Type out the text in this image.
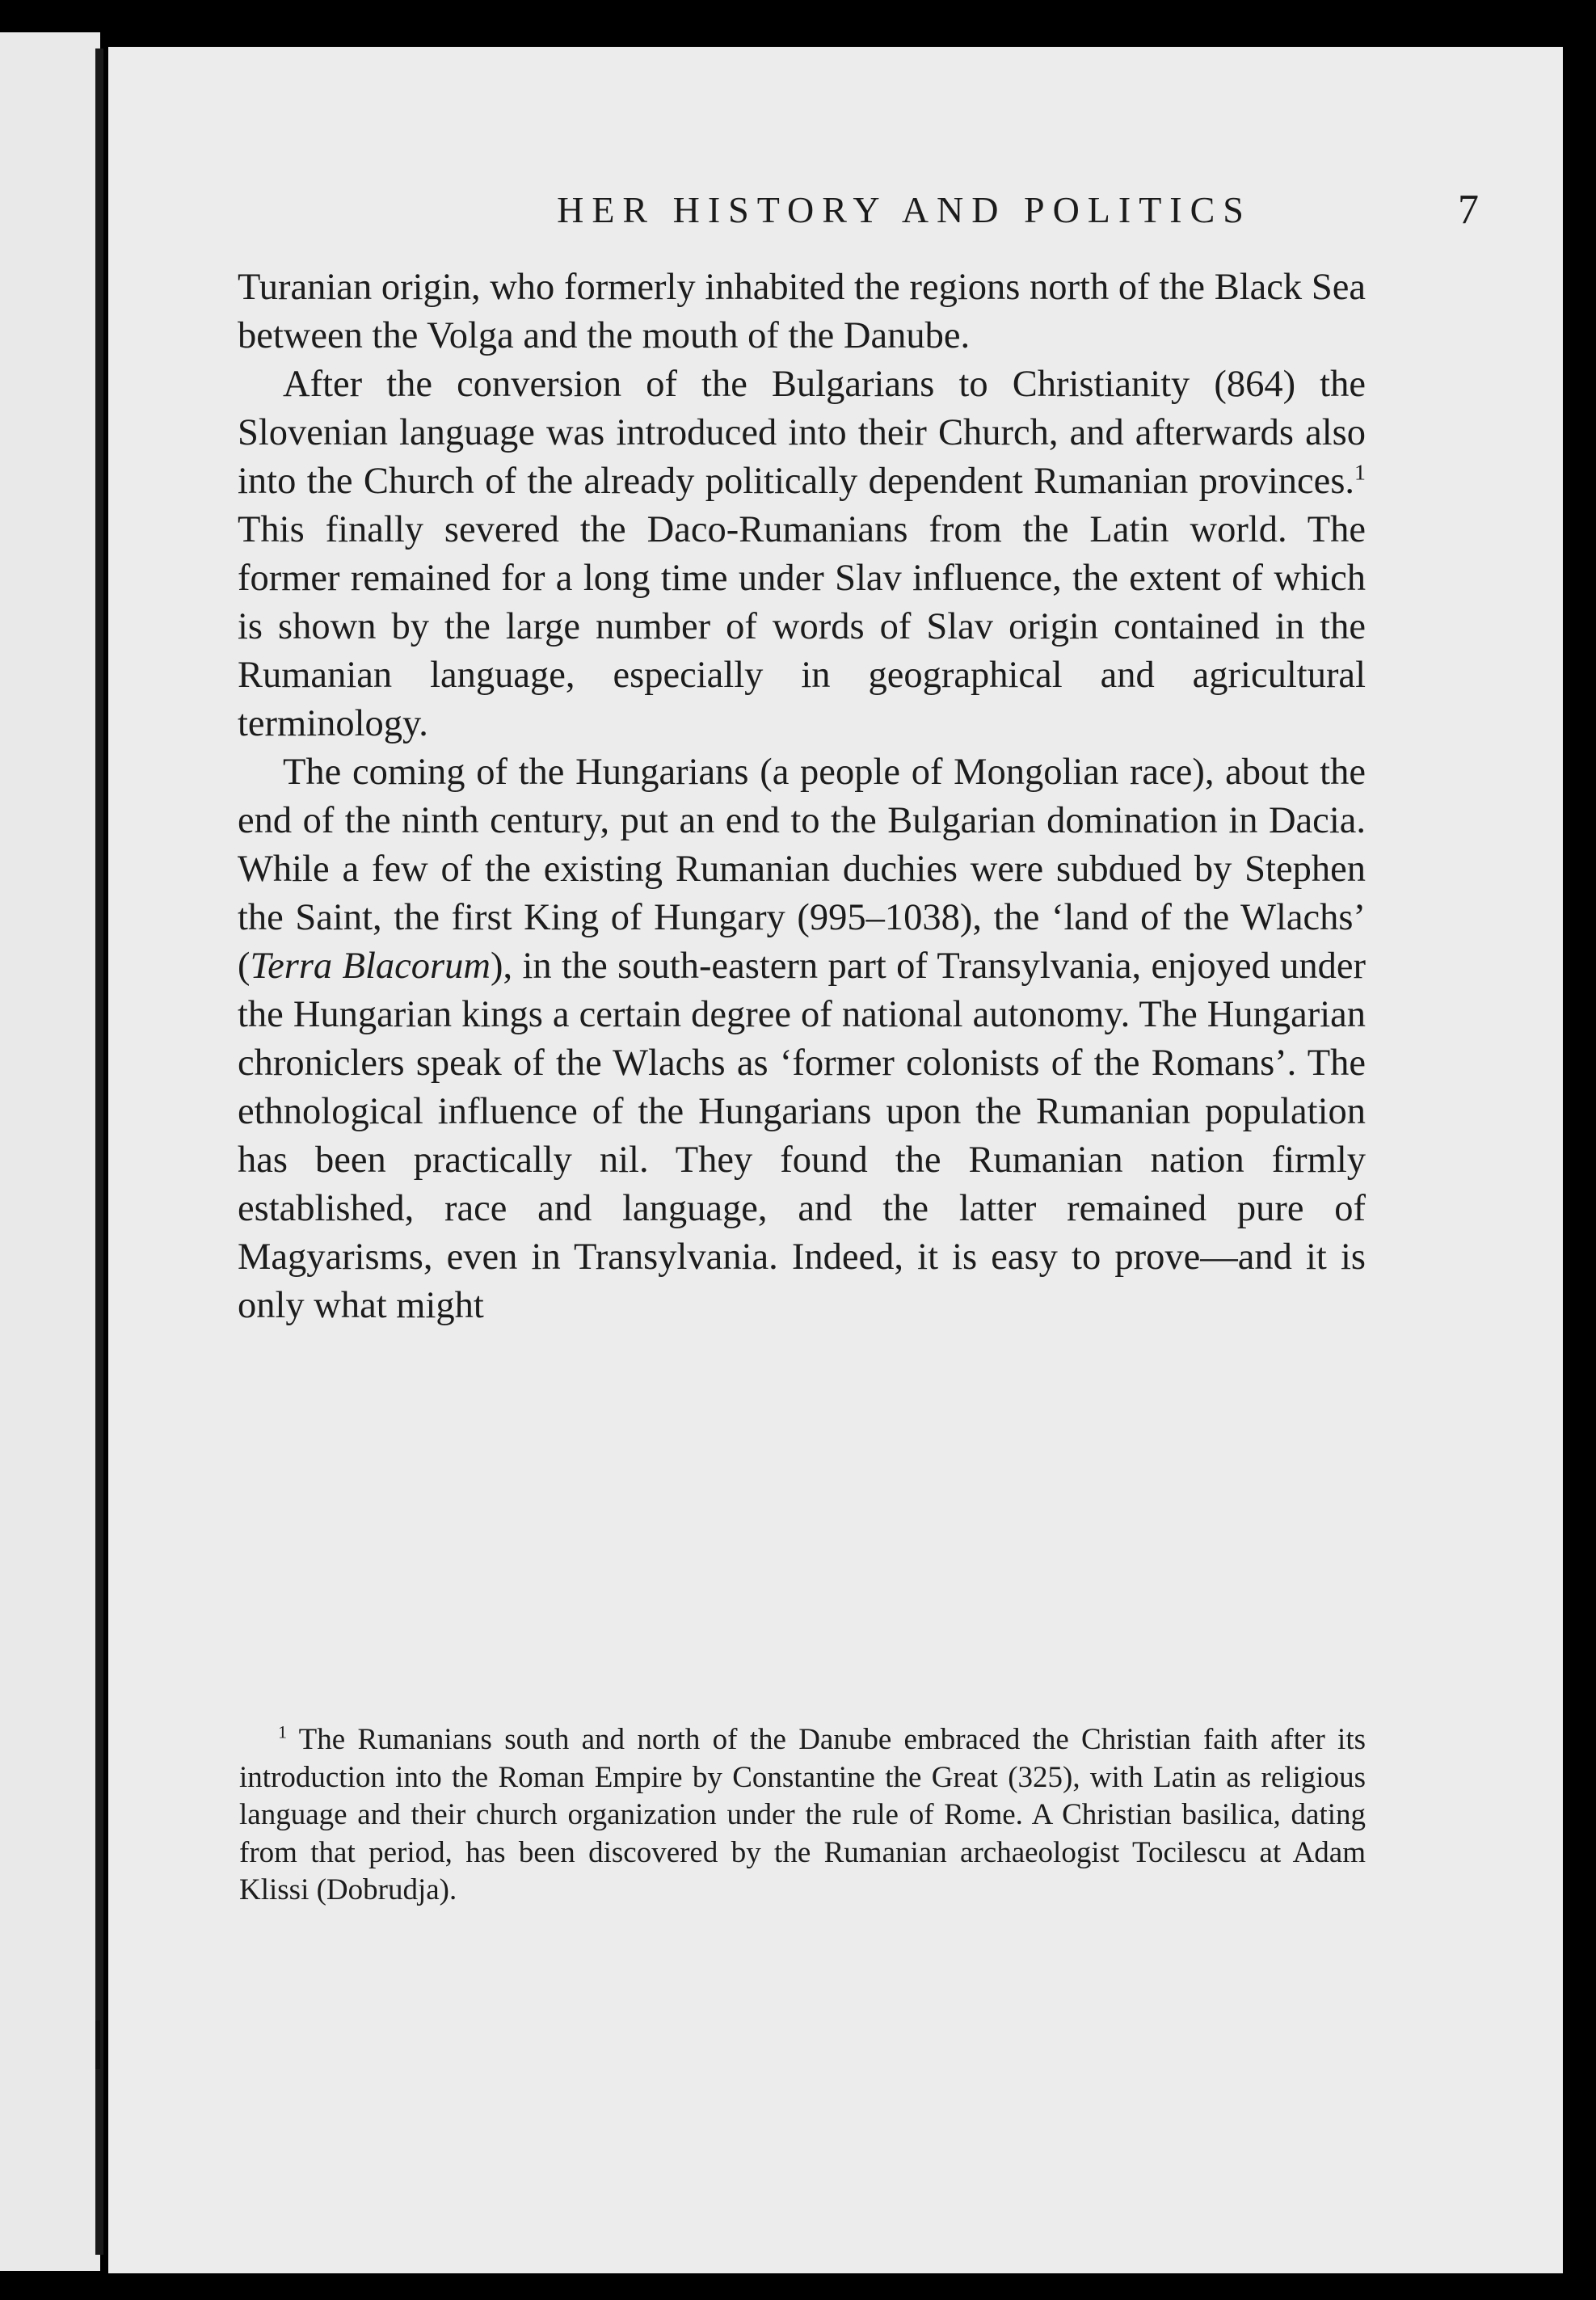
HER HISTORY AND POLITICS	7

Turanian origin, who formerly inhabited the regions north of the Black Sea between the Volga and the mouth of the Danube.

After the conversion of the Bulgarians to Christianity (864) the Slovenian language was introduced into their Church, and afterwards also into the Church of the already politically dependent Rumanian provinces.$^1$ This finally severed the Daco-Rumanians from the Latin world. The former remained for a long time under Slav influence, the extent of which is shown by the large number of words of Slav origin contained in the Rumanian language, especially in geographical and agricultural terminology.

The coming of the Hungarians (a people of Mongolian race), about the end of the ninth century, put an end to the Bulgarian domination in Dacia. While a few of the existing Rumanian duchies were subdued by Stephen the Saint, the first King of Hungary (995–1038), the ‘land of the Wlachs’ (Terra Blacorum), in the south-eastern part of Transylvania, enjoyed under the Hungarian kings a certain degree of national autonomy. The Hungarian chroniclers speak of the Wlachs as ‘former colonists of the Romans’. The ethnological influence of the Hungarians upon the Rumanian population has been practically nil. They found the Rumanian nation firmly established, race and language, and the latter remained pure of Magyarisms, even in Transylvania. Indeed, it is easy to prove—and it is only what might

$^1$ The Rumanians south and north of the Danube embraced the Christian faith after its introduction into the Roman Empire by Constantine the Great (325), with Latin as religious language and their church organization under the rule of Rome. A Christian basilica, dating from that period, has been discovered by the Rumanian archaeologist Tocilescu at Adam Klissi (Dobrudja).
